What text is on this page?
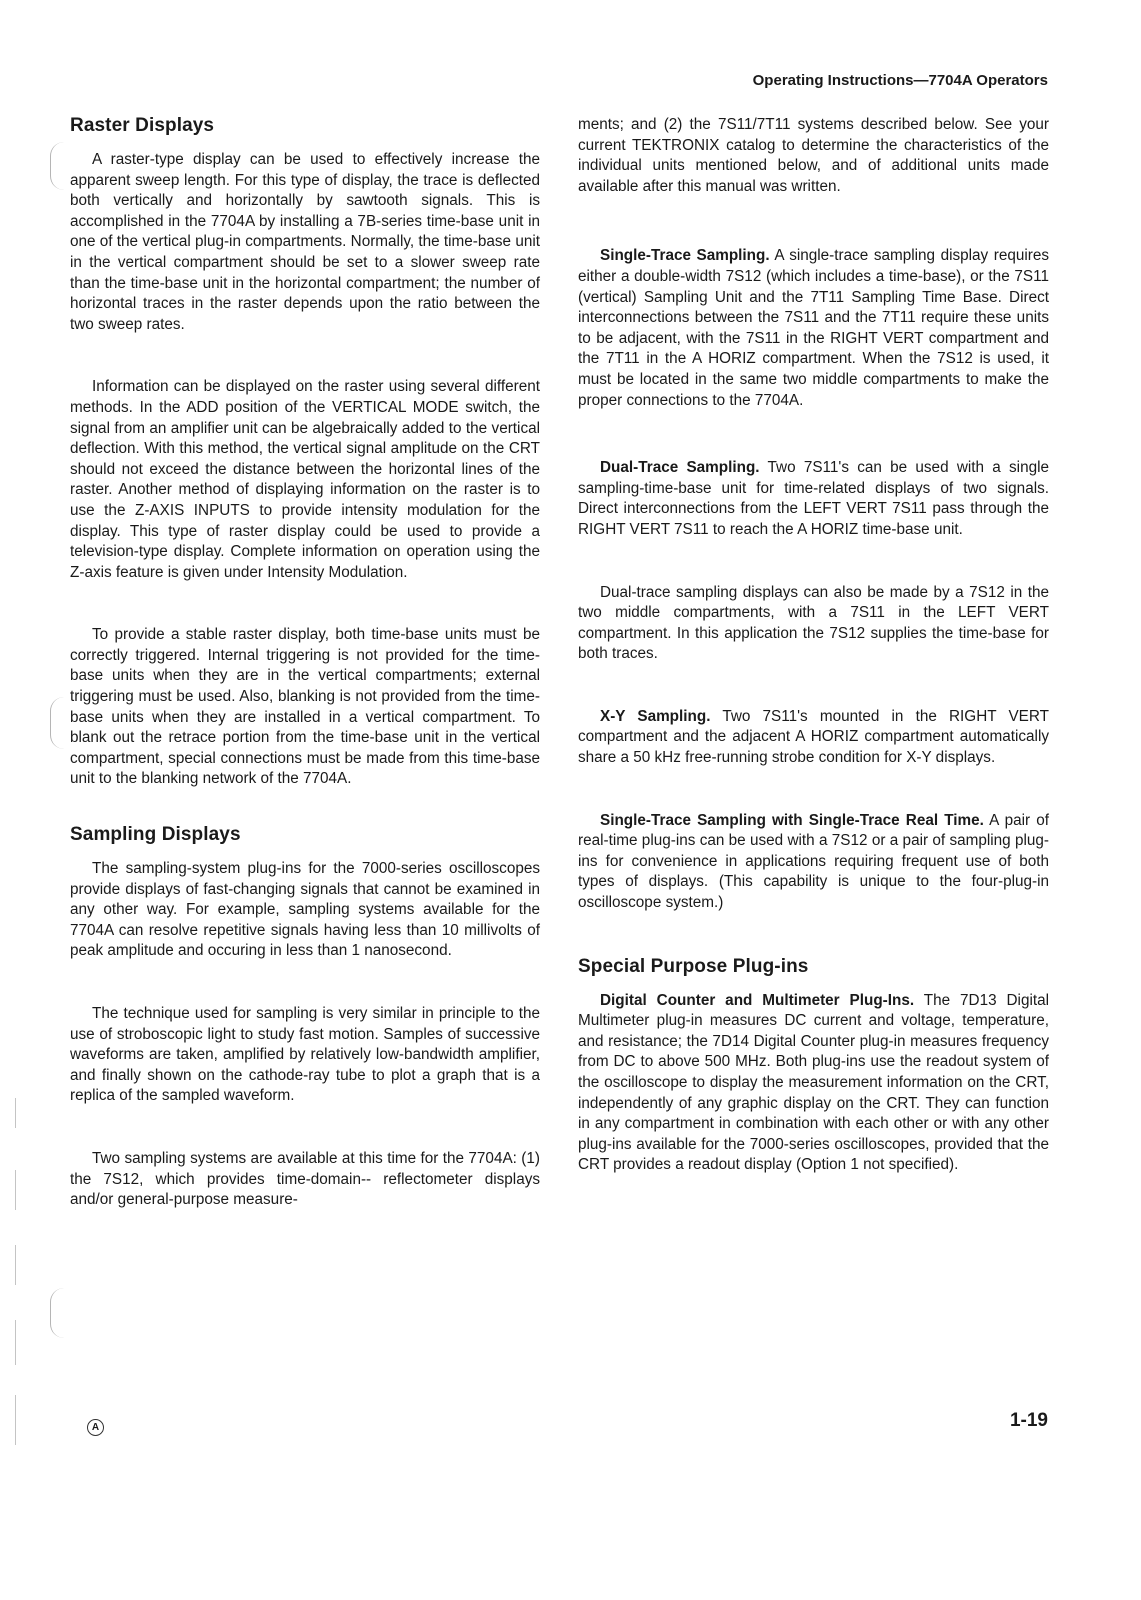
Operating Instructions—7704A Operators
Raster Displays

A raster-type display can be used to effectively increase the apparent sweep length. For this type of display, the trace is deflected both vertically and horizontally by sawtooth signals. This is accomplished in the 7704A by installing a 7B-series time-base unit in one of the vertical plug-in compartments. Normally, the time-base unit in the vertical compartment should be set to a slower sweep rate than the time-base unit in the horizontal compartment; the number of horizontal traces in the raster depends upon the ratio between the two sweep rates.

Information can be displayed on the raster using several different methods. In the ADD position of the VERTICAL MODE switch, the signal from an amplifier unit can be algebraically added to the vertical deflection. With this method, the vertical signal amplitude on the CRT should not exceed the distance between the horizontal lines of the raster. Another method of displaying information on the raster is to use the Z-AXIS INPUTS to provide intensity modulation for the display. This type of raster display could be used to provide a television-type display. Complete information on operation using the Z-axis feature is given under Intensity Modulation.

To provide a stable raster display, both time-base units must be correctly triggered. Internal triggering is not provided for the time-base units when they are in the vertical compartments; external triggering must be used. Also, blanking is not provided from the time-base units when they are installed in a vertical compartment. To blank out the retrace portion from the time-base unit in the vertical compartment, special connections must be made from this time-base unit to the blanking network of the 7704A.

Sampling Displays

The sampling-system plug-ins for the 7000-series oscilloscopes provide displays of fast-changing signals that cannot be examined in any other way. For example, sampling systems available for the 7704A can resolve repetitive signals having less than 10 millivolts of peak amplitude and occuring in less than 1 nanosecond.

The technique used for sampling is very similar in principle to the use of stroboscopic light to study fast motion. Samples of successive waveforms are taken, amplified by relatively low-bandwidth amplifier, and finally shown on the cathode-ray tube to plot a graph that is a replica of the sampled waveform.

Two sampling systems are available at this time for the 7704A: (1) the 7S12, which provides time-domain-- reflectometer displays and/or general-purpose measure-

ments; and (2) the 7S11/7T11 systems described below. See your current TEKTRONIX catalog to determine the characteristics of the individual units mentioned below, and of additional units made available after this manual was written.

Single-Trace Sampling. A single-trace sampling display requires either a double-width 7S12 (which includes a time-base), or the 7S11 (vertical) Sampling Unit and the 7T11 Sampling Time Base. Direct interconnections between the 7S11 and the 7T11 require these units to be adjacent, with the 7S11 in the RIGHT VERT compartment and the 7T11 in the A HORIZ compartment. When the 7S12 is used, it must be located in the same two middle compartments to make the proper connections to the 7704A.

Dual-Trace Sampling. Two 7S11's can be used with a single sampling-time-base unit for time-related displays of two signals. Direct interconnections from the LEFT VERT 7S11 pass through the RIGHT VERT 7S11 to reach the A HORIZ time-base unit.

Dual-trace sampling displays can also be made by a 7S12 in the two middle compartments, with a 7S11 in the LEFT VERT compartment. In this application the 7S12 supplies the time-base for both traces.

X-Y Sampling. Two 7S11's mounted in the RIGHT VERT compartment and the adjacent A HORIZ compartment automatically share a 50 kHz free-running strobe condition for X-Y displays.

Single-Trace Sampling with Single-Trace Real Time. A pair of real-time plug-ins can be used with a 7S12 or a pair of sampling plug-ins for convenience in applications requiring frequent use of both types of displays. (This capability is unique to the four-plug-in oscilloscope system.)

Special Purpose Plug-ins

Digital Counter and Multimeter Plug-Ins. The 7D13 Digital Multimeter plug-in measures DC current and voltage, temperature, and resistance; the 7D14 Digital Counter plug-in measures frequency from DC to above 500 MHz. Both plug-ins use the readout system of the oscilloscope to display the measurement information on the CRT, independently of any graphic display on the CRT. They can function in any compartment in combination with each other or with any other plug-ins available for the 7000-series oscilloscopes, provided that the CRT provides a readout display (Option 1 not specified).

A	1-19
